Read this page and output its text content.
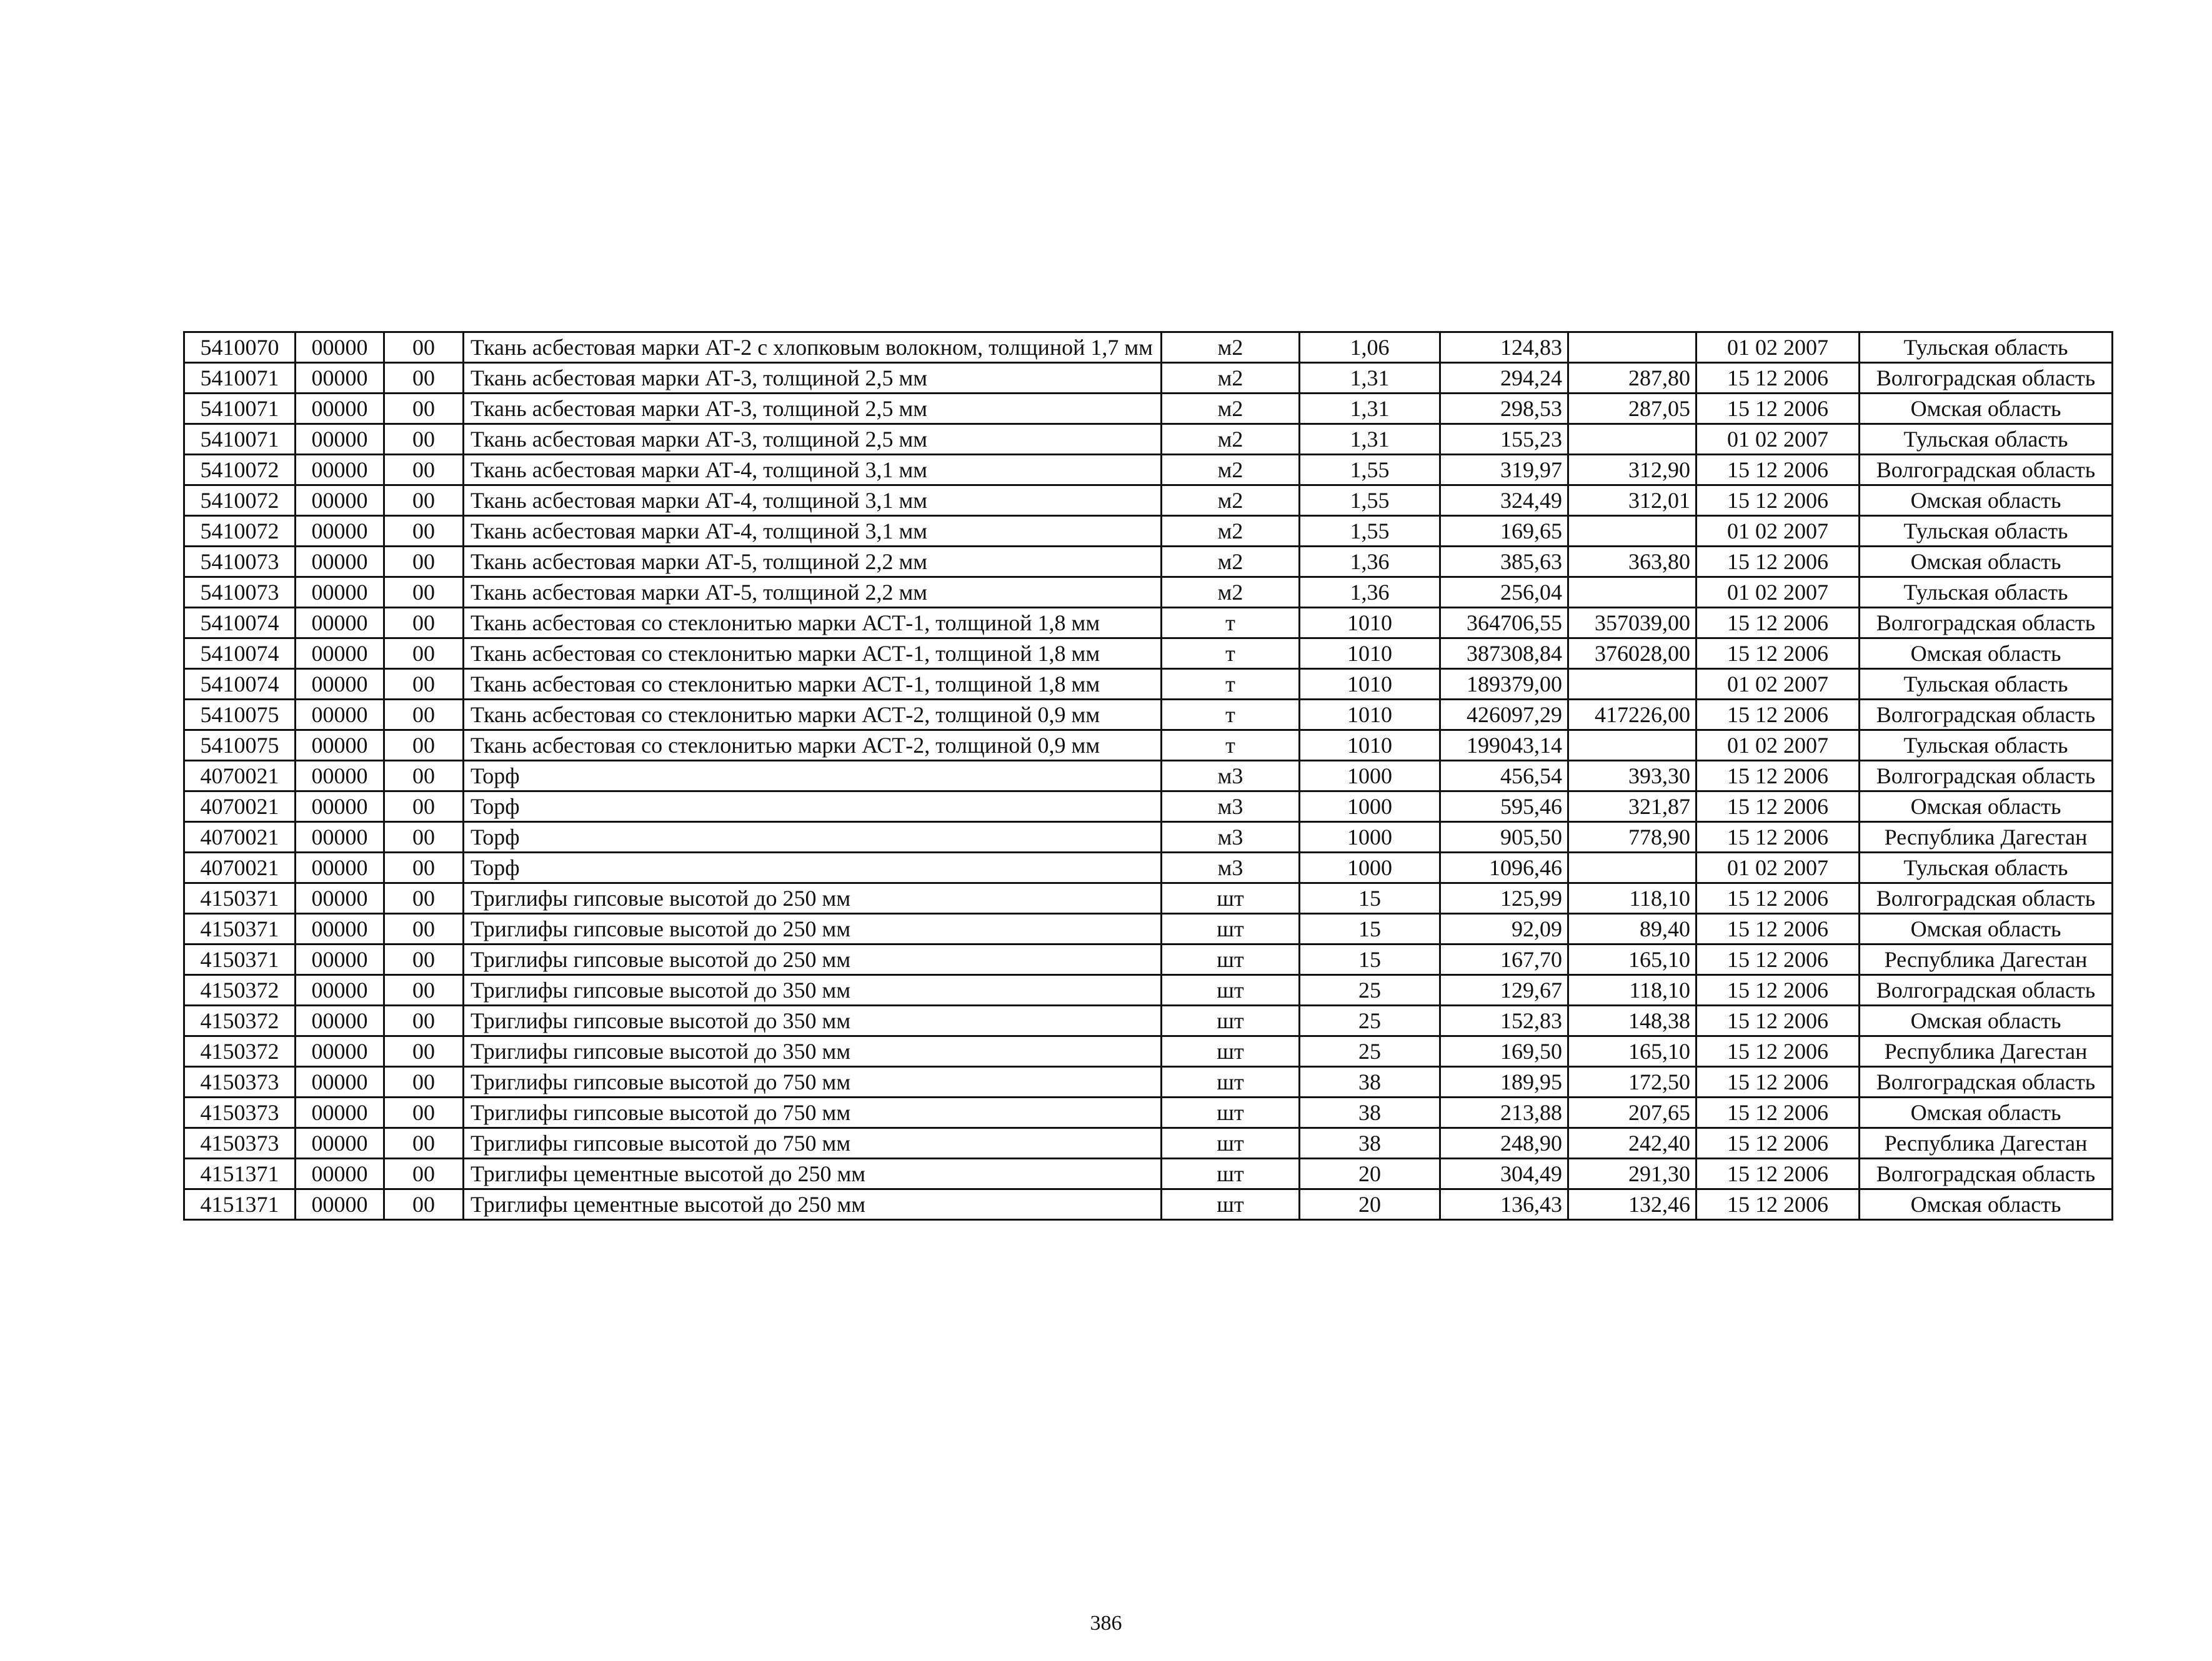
5410070	00000	00	Ткань асбестовая марки АТ-2 с хлопковым волокном, толщиной 1,7 мм	м2	1,06	124,83		01 02 2007	Тульская область
5410071	00000	00	Ткань асбестовая марки АТ-3, толщиной 2,5 мм	м2	1,31	294,24	287,80	15 12 2006	Волгоградская область
5410071	00000	00	Ткань асбестовая марки АТ-3, толщиной 2,5 мм	м2	1,31	298,53	287,05	15 12 2006	Омская область
5410071	00000	00	Ткань асбестовая марки АТ-3, толщиной 2,5 мм	м2	1,31	155,23		01 02 2007	Тульская область
5410072	00000	00	Ткань асбестовая марки АТ-4, толщиной 3,1 мм	м2	1,55	319,97	312,90	15 12 2006	Волгоградская область
5410072	00000	00	Ткань асбестовая марки АТ-4, толщиной 3,1 мм	м2	1,55	324,49	312,01	15 12 2006	Омская область
5410072	00000	00	Ткань асбестовая марки АТ-4, толщиной 3,1 мм	м2	1,55	169,65		01 02 2007	Тульская область
5410073	00000	00	Ткань асбестовая марки АТ-5, толщиной 2,2 мм	м2	1,36	385,63	363,80	15 12 2006	Омская область
5410073	00000	00	Ткань асбестовая марки АТ-5, толщиной 2,2 мм	м2	1,36	256,04		01 02 2007	Тульская область
5410074	00000	00	Ткань асбестовая со стеклонитью марки АСТ-1, толщиной 1,8 мм	т	1010	364706,55	357039,00	15 12 2006	Волгоградская область
5410074	00000	00	Ткань асбестовая со стеклонитью марки АСТ-1, толщиной 1,8 мм	т	1010	387308,84	376028,00	15 12 2006	Омская область
5410074	00000	00	Ткань асбестовая со стеклонитью марки АСТ-1, толщиной 1,8 мм	т	1010	189379,00		01 02 2007	Тульская область
5410075	00000	00	Ткань асбестовая со стеклонитью марки АСТ-2, толщиной 0,9 мм	т	1010	426097,29	417226,00	15 12 2006	Волгоградская область
5410075	00000	00	Ткань асбестовая со стеклонитью марки АСТ-2, толщиной 0,9 мм	т	1010	199043,14		01 02 2007	Тульская область
4070021	00000	00	Торф	м3	1000	456,54	393,30	15 12 2006	Волгоградская область
4070021	00000	00	Торф	м3	1000	595,46	321,87	15 12 2006	Омская область
4070021	00000	00	Торф	м3	1000	905,50	778,90	15 12 2006	Республика Дагестан
4070021	00000	00	Торф	м3	1000	1096,46		01 02 2007	Тульская область
4150371	00000	00	Триглифы гипсовые высотой до 250 мм	шт	15	125,99	118,10	15 12 2006	Волгоградская область
4150371	00000	00	Триглифы гипсовые высотой до 250 мм	шт	15	92,09	89,40	15 12 2006	Омская область
4150371	00000	00	Триглифы гипсовые высотой до 250 мм	шт	15	167,70	165,10	15 12 2006	Республика Дагестан
4150372	00000	00	Триглифы гипсовые высотой до 350 мм	шт	25	129,67	118,10	15 12 2006	Волгоградская область
4150372	00000	00	Триглифы гипсовые высотой до 350 мм	шт	25	152,83	148,38	15 12 2006	Омская область
4150372	00000	00	Триглифы гипсовые высотой до 350 мм	шт	25	169,50	165,10	15 12 2006	Республика Дагестан
4150373	00000	00	Триглифы гипсовые высотой до 750 мм	шт	38	189,95	172,50	15 12 2006	Волгоградская область
4150373	00000	00	Триглифы гипсовые высотой до 750 мм	шт	38	213,88	207,65	15 12 2006	Омская область
4150373	00000	00	Триглифы гипсовые высотой до 750 мм	шт	38	248,90	242,40	15 12 2006	Республика Дагестан
4151371	00000	00	Триглифы цементные высотой до 250 мм	шт	20	304,49	291,30	15 12 2006	Волгоградская область
4151371	00000	00	Триглифы цементные высотой до 250 мм	шт	20	136,43	132,46	15 12 2006	Омская область
386
